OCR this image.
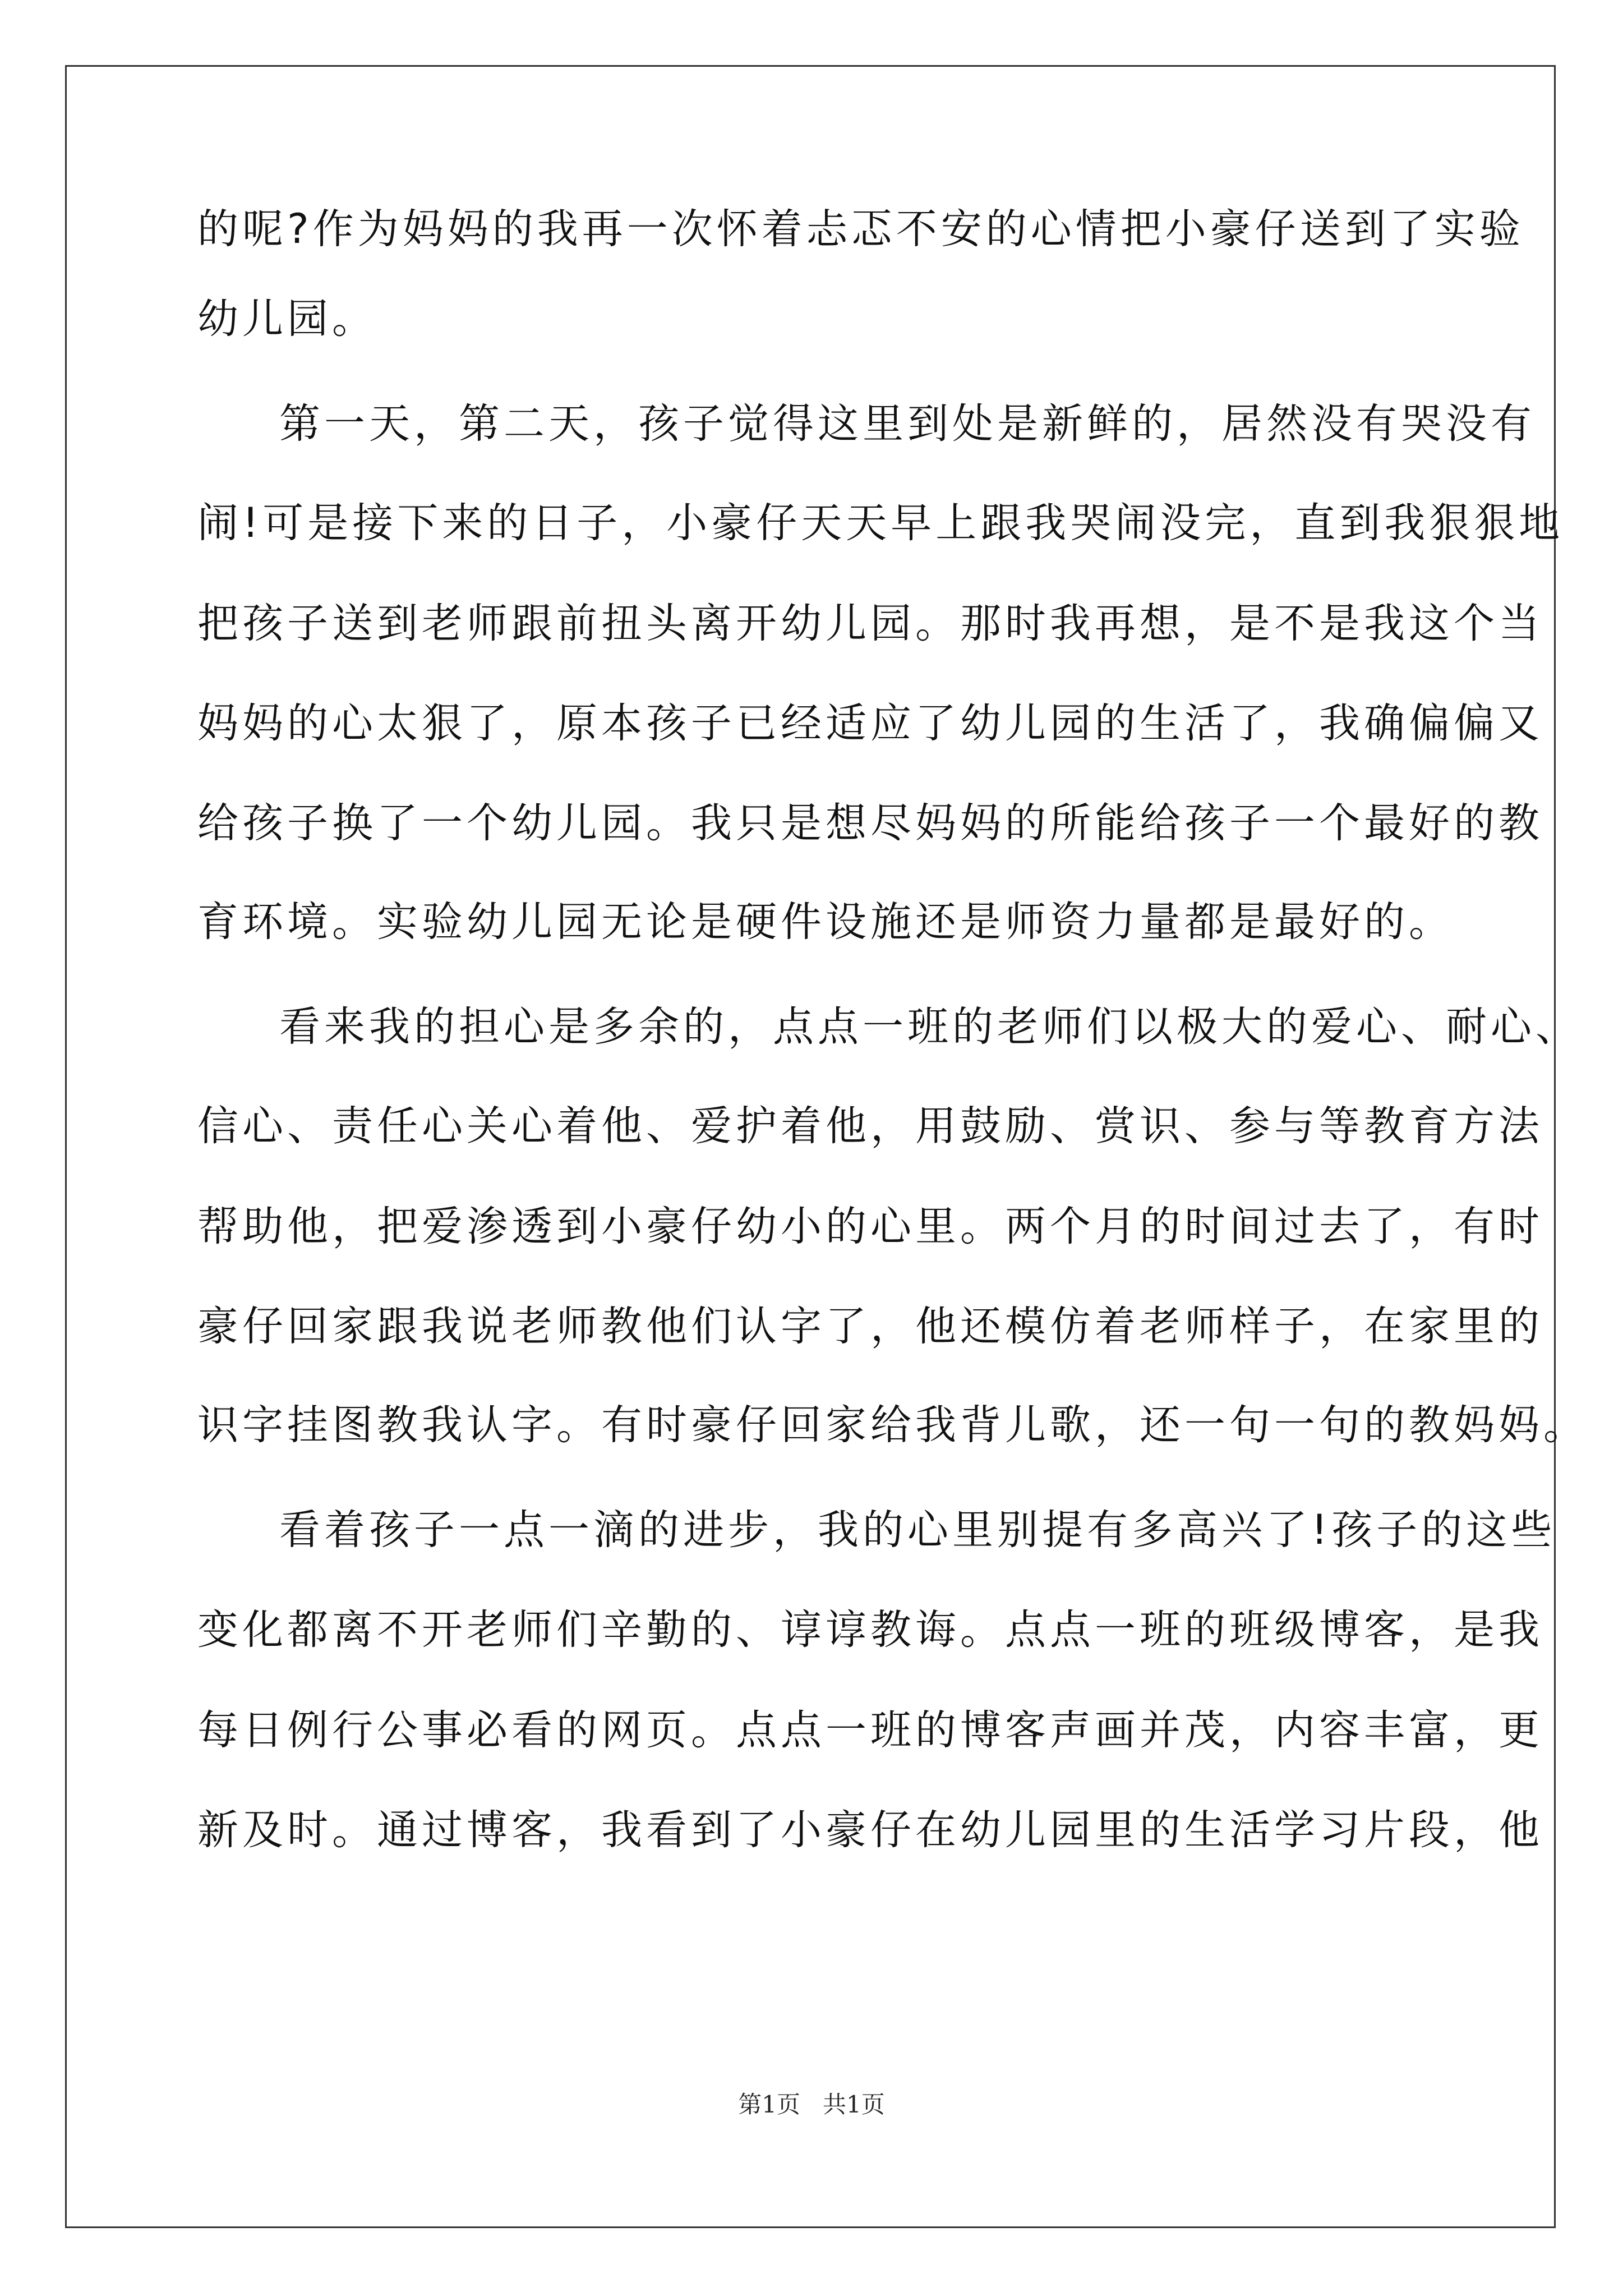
的呢?作为妈妈的我再一次怀着忐忑不安的心情把小豪仔送到了实验
幼儿园。
第一天，第二天，孩子觉得这里到处是新鲜的，居然没有哭没有
闹!可是接下来的日子，小豪仔天天早上跟我哭闹没完，直到我狠狠地
把孩子送到老师跟前扭头离开幼儿园。那时我再想，是不是我这个当
妈妈的心太狠了，原本孩子已经适应了幼儿园的生活了，我确偏偏又
给孩子换了一个幼儿园。我只是想尽妈妈的所能给孩子一个最好的教
育环境。实验幼儿园无论是硬件设施还是师资力量都是最好的。
看来我的担心是多余的，点点一班的老师们以极大的爱心、耐心、
信心、责任心关心着他、爱护着他，用鼓励、赏识、参与等教育方法
帮助他，把爱渗透到小豪仔幼小的心里。两个月的时间过去了，有时
豪仔回家跟我说老师教他们认字了，他还模仿着老师样子，在家里的
识字挂图教我认字。有时豪仔回家给我背儿歌，还一句一句的教妈妈。
看着孩子一点一滴的进步，我的心里别提有多高兴了!孩子的这些
变化都离不开老师们辛勤的、谆谆教诲。点点一班的班级博客，是我
每日例行公事必看的网页。点点一班的博客声画并茂，内容丰富，更
新及时。通过博客，我看到了小豪仔在幼儿园里的生活学习片段，他
第1页 共1页
